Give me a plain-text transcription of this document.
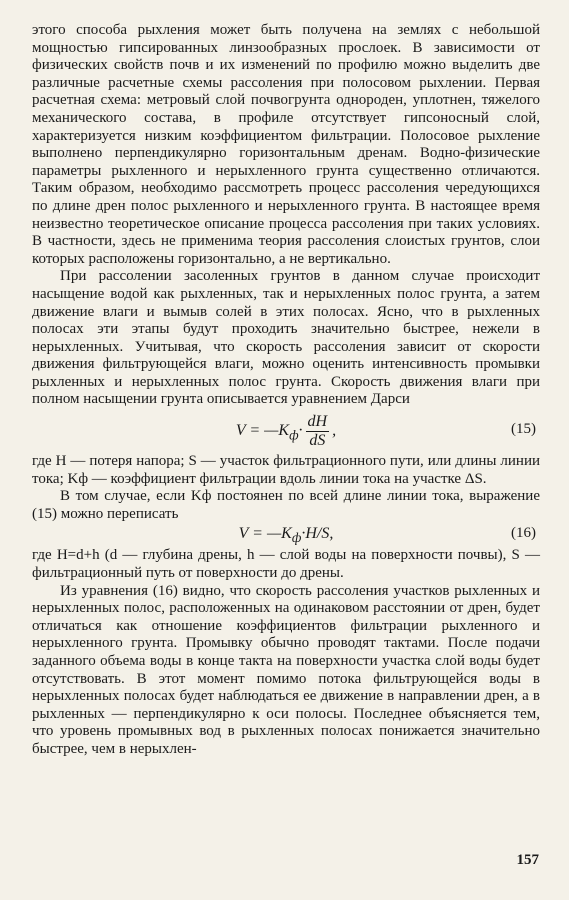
этого способа рыхления может быть получена на землях с небольшой мощностью гипсированных линзообразных прослоек. В зависимости от физических свойств почв и их изменений по профилю можно выделить две различные расчетные схемы рассоления при полосовом рыхлении. Первая расчетная схема: метровый слой почвогрунта однороден, уплотнен, тяжелого механического состава, в профиле отсутствует гипсоносный слой, характеризуется низким коэффициентом фильтрации. Полосовое рыхление выполнено перпендикулярно горизонтальным дренам. Водно-физические параметры рыхленного и нерыхленного грунта существенно отличаются. Таким образом, необходимо рассмотреть процесс рассоления чередующихся по длине дрен полос рыхленного и нерыхленного грунта. В настоящее время неизвестно теоретическое описание процесса рассоления при таких условиях. В частности, здесь не применима теория рассоления слоистых грунтов, слои которых расположены горизонтально, а не вертикально.

При рассолении засоленных грунтов в данном случае происходит насыщение водой как рыхленных, так и нерыхленных полос грунта, а затем движение влаги и вымыв солей в этих полосах. Ясно, что в рыхленных полосах эти этапы будут проходить значительно быстрее, нежели в нерыхленных. Учитывая, что скорость рассоления зависит от скорости движения фильтрующейся влаги, можно оценить интенсивность промывки рыхленных и нерыхленных полос грунта. Скорость движения влаги при полном насыщении грунта описывается уравнением Дарси

$V = —K_ф\cdot \frac{dH}{dS}$ ,	(15)

где H — потеря напора; S — участок фильтрационного пути, или длины линии тока; Kф — коэффициент фильтрации вдоль линии тока на участке ΔS.

В том случае, если Kф постоянен по всей длине линии тока, выражение (15) можно переписать

$V = —K_ф\cdot H/S$,	(16)

где H=d+h (d — глубина дрены, h — слой воды на поверхности почвы), S — фильтрационный путь от поверхности до дрены.

Из уравнения (16) видно, что скорость рассоления участков рыхленных и нерыхленных полос, расположенных на одинаковом расстоянии от дрен, будет отличаться как отношение коэффициентов фильтрации рыхленного и нерыхленного грунта. Промывку обычно проводят тактами. После подачи заданного объема воды в конце такта на поверхности участка слой воды будет отсутствовать. В этот момент помимо потока фильтрующейся воды в нерыхленных полосах будет наблюдаться ее движение в направлении дрен, а в рыхленных — перпендикулярно к оси полосы. Последнее объясняется тем, что уровень промывных вод в рыхленных полосах понижается значительно быстрее, чем в нерыхлен-

157
